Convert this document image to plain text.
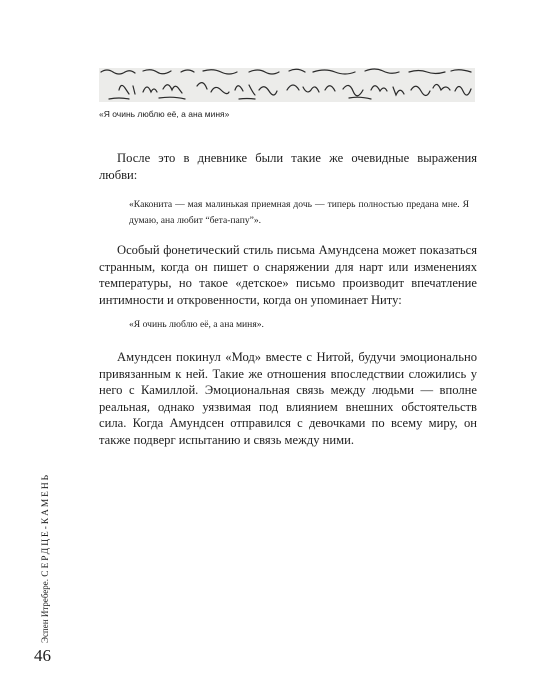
«Я очинь люблю её, а ана миня»

После это в дневнике были такие же очевидные выражения любви:

«Каконита — мая малинькая приемная дочь — типерь полностью предана мне. Я думаю, ана любит “бета-папу”».

Особый фонетический стиль письма Амундсена может показаться странным, когда он пишет о снаряжении для нарт или изменениях температуры, но такое «детское» письмо производит впечатление интимности и откровенности, когда он упоминает Ниту:

«Я очинь люблю её, а ана миня».

Амундсен покинул «Мод» вместе с Нитой, будучи эмоционально привязанным к ней. Такие же отношения впоследствии сложились у него с Камиллой. Эмоциональная связь между людьми — вполне реальная, однако уязвимая под влиянием внешних обстоятельств сила. Когда Амундсен отправился с девочками по всему миру, он также подверг испытанию и связь между ними.

Эспен Итребере. СЕРДЦЕ-КАМЕНЬ
46
